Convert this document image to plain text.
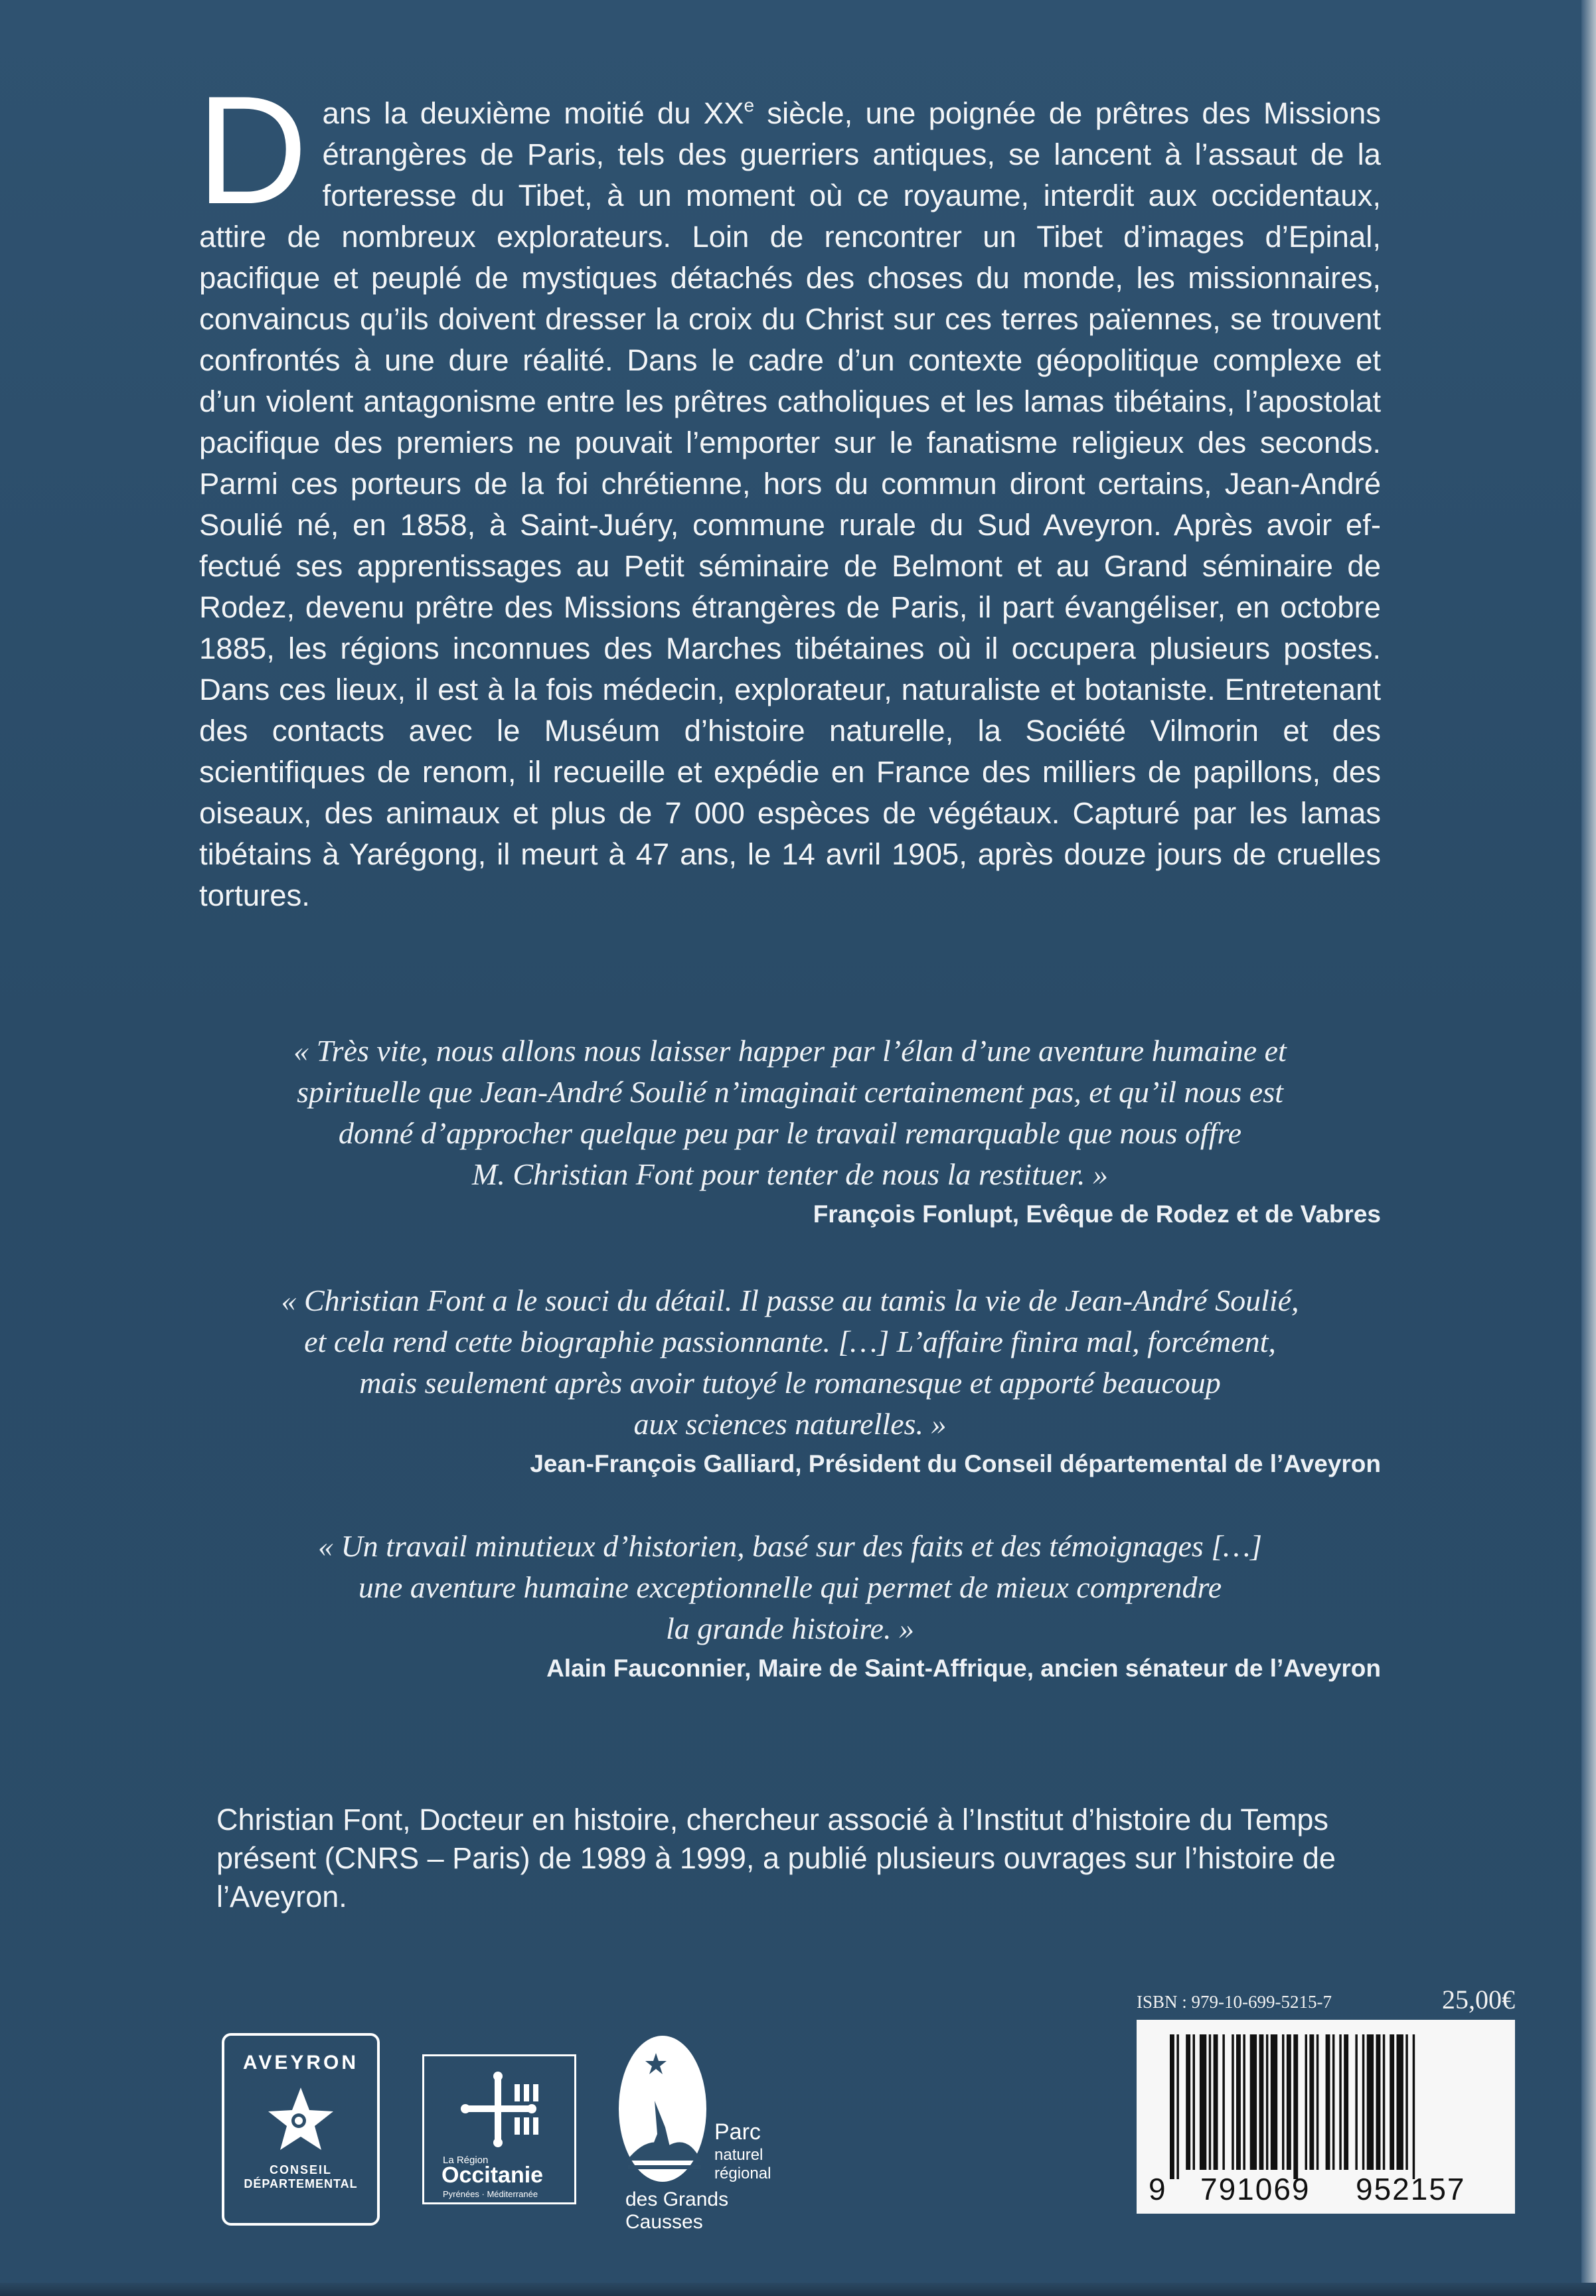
Dans la deuxième moitié du XXe siècle, une poignée de prêtres des Missions étrangères de Paris, tels des guerriers antiques, se lancent à l’assaut de la forteresse du Tibet, à un moment où ce royaume, interdit aux occidentaux, attire de nombreux explorateurs. Loin de rencontrer un Tibet d’images d’Epinal, pacifique et peuplé de mystiques détachés des choses du monde, les missionnaires, convaincus qu’ils doivent dresser la croix du Christ sur ces terres païennes, se trouvent confrontés à une dure réalité. Dans le cadre d’un contexte géopolitique complexe et d’un violent antagonisme entre les prêtres catholiques et les lamas tibétains, l’apostolat pacifique des premiers ne pouvait l’emporter sur le fanatisme religieux des seconds. Parmi ces porteurs de la foi chrétienne, hors du commun diront certains, Jean-André Soulié né, en 1858, à Saint-Juéry, commune rurale du Sud Aveyron. Après avoir effectué ses apprentissages au Petit séminaire de Belmont et au Grand séminaire de Rodez, devenu prêtre des Missions étrangères de Paris, il part évangéliser, en octobre 1885, les régions inconnues des Marches tibétaines où il occupera plusieurs postes. Dans ces lieux, il est à la fois médecin, explorateur, naturaliste et botaniste. Entretenant des contacts avec le Muséum d’histoire naturelle, la Société Vilmorin et des scientifiques de renom, il recueille et expédie en France des milliers de papillons, des oiseaux, des animaux et plus de 7 000 espèces de végétaux. Capturé par les lamas tibétains à Yarégong, il meurt à 47 ans, le 14 avril 1905, après douze jours de cruelles tortures.
« Très vite, nous allons nous laisser happer par l’élan d’une aventure humaine et
spirituelle que Jean-André Soulié n’imaginait certainement pas, et qu’il nous est
donné d’approcher quelque peu par le travail remarquable que nous offre
M. Christian Font pour tenter de nous la restituer. »
François Fonlupt, Evêque de Rodez et de Vabres
« Christian Font a le souci du détail. Il passe au tamis la vie de Jean-André Soulié,
et cela rend cette biographie passionnante. […] L’affaire finira mal, forcément,
mais seulement après avoir tutoyé le romanesque et apporté beaucoup
aux sciences naturelles. »
Jean-François Galliard, Président du Conseil départemental de l’Aveyron
« Un travail minutieux d’historien, basé sur des faits et des témoignages […]
une aventure humaine exceptionnelle qui permet de mieux comprendre
la grande histoire. »
Alain Fauconnier, Maire de Saint-Affrique, ancien sénateur de l’Aveyron
Christian Font, Docteur en histoire, chercheur associé à l’Institut d’histoire du Temps présent (CNRS – Paris) de 1989 à 1999, a publié plusieurs ouvrages sur l’histoire de l’Aveyron.
ISBN : 979-10-699-5215-7	25,00€
9 791069 952157
AVEYRON
CONSEIL
DÉPARTEMENTAL
La Région
Occitanie
Pyrénées · Méditerranée
Parc
naturel
régional
des Grands Causses
